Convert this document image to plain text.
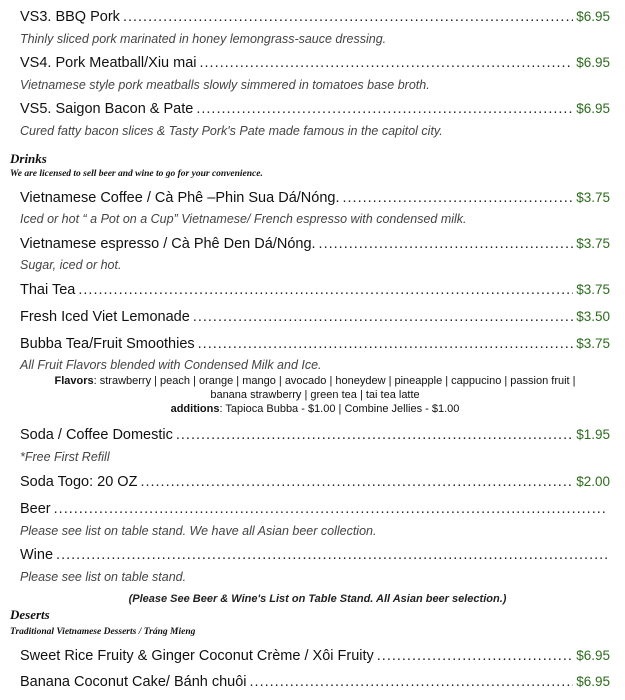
VS3. BBQ Pork .....	$6.95
Thinly sliced pork marinated in honey lemongrass-sauce dressing.
VS4. Pork Meatball/Xiu mai .....	$6.95
Vietnamese style pork meatballs slowly simmered in tomatoes base broth.
VS5. Saigon Bacon & Pate .....	$6.95
Cured fatty bacon slices & Tasty Pork's Pate made famous in the capitol city.
Drinks
We are licensed to sell beer and wine to go for your convenience.
Vietnamese Coffee / Cà Phê –Phin Sua Dá/Nóng. .....	$3.75
Iced or hot “ a Pot on a Cup” Vietnamese/ French espresso with condensed milk.
Vietnamese espresso / Cà Phê Den Dá/Nóng. .....	$3.75
Sugar, iced or hot.
Thai Tea .....	$3.75
Fresh Iced Viet Lemonade .....	$3.50
Bubba Tea/Fruit Smoothies .....	$3.75
All Fruit Flavors blended with Condensed Milk and Ice.
Flavors: strawberry | peach | orange | mango | avocado | honeydew | pineapple | cappucino | passion fruit |
banana strawberry | green tea | tai tea latte
additions: Tapioca Bubba - $1.00 | Combine Jellies - $1.00
Soda / Coffee Domestic .....	$1.95
*Free First Refill
Soda Togo: 20 OZ .....	$2.00
Beer
.....
Please see list on table stand. We have all Asian beer collection.
Wine
.....
Please see list on table stand.
(Please See Beer & Wine's List on Table Stand. All Asian beer selection.)
Deserts
Traditional Vietnamese Desserts / Tráng Mieng
Sweet Rice Fruity & Ginger Coconut Crème / Xôi Fruity .....	$6.95
Banana Coconut Cake/ Bánh chuôi .....	$6.95
